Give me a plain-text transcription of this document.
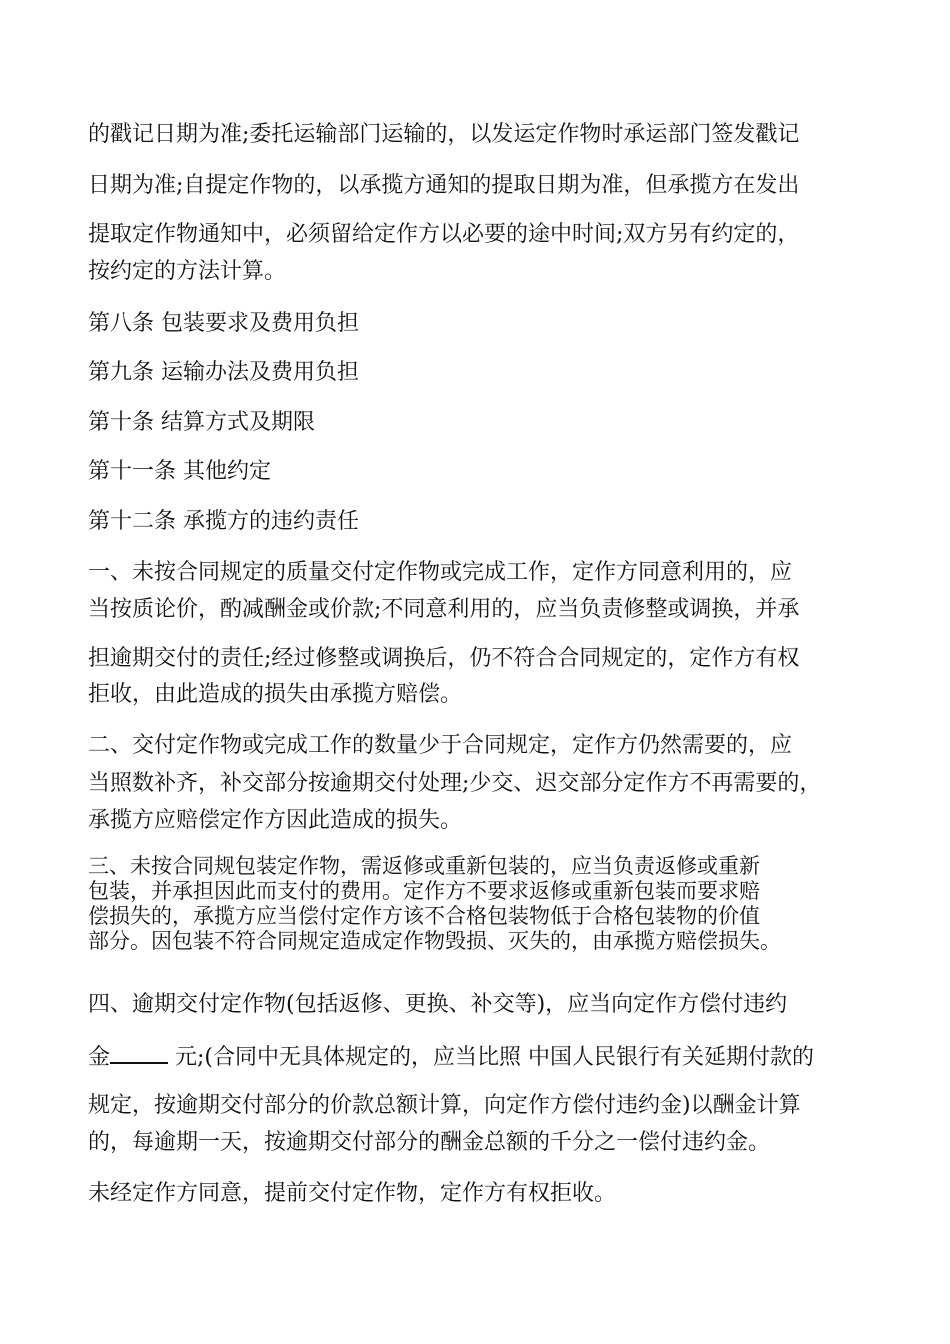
的戳记日期为准;委托运输部门运输的，以发运定作物时承运部门签发戳记

日期为准;自提定作物的，以承揽方通知的提取日期为准，但承揽方在发出

提取定作物通知中，必须留给定作方以必要的途中时间;双方另有约定的，

按约定的方法计算。

第八条 包装要求及费用负担

第九条 运输办法及费用负担

第十条 结算方式及期限

第十一条 其他约定

第十二条 承揽方的违约责任

一、未按合同规定的质量交付定作物或完成工作，定作方同意利用的，应

当按质论价，酌减酬金或价款;不同意利用的，应当负责修整或调换，并承

担逾期交付的责任;经过修整或调换后，仍不符合合同规定的，定作方有权

拒收，由此造成的损失由承揽方赔偿。

二、交付定作物或完成工作的数量少于合同规定，定作方仍然需要的，应

当照数补齐，补交部分按逾期交付处理;少交、迟交部分定作方不再需要的，

承揽方应赔偿定作方因此造成的损失。

三、未按合同规包装定作物，需返修或重新包装的，应当负责返修或重新

包装，并承担因此而支付的费用。定作方不要求返修或重新包装而要求赔

偿损失的，承揽方应当偿付定作方该不合格包装物低于合格包装物的价值

部分。因包装不符合同规定造成定作物毁损、灭失的，由承揽方赔偿损失。

四、逾期交付定作物(包括返修、更换、补交等)，应当向定作方偿付违约

金	元;(合同中无具体规定的，应当比照 中国人民银行有关延期付款的

规定，按逾期交付部分的价款总额计算，向定作方偿付违约金)以酬金计算

的，每逾期一天，按逾期交付部分的酬金总额的千分之一偿付违约金。

未经定作方同意，提前交付定作物，定作方有权拒收。
